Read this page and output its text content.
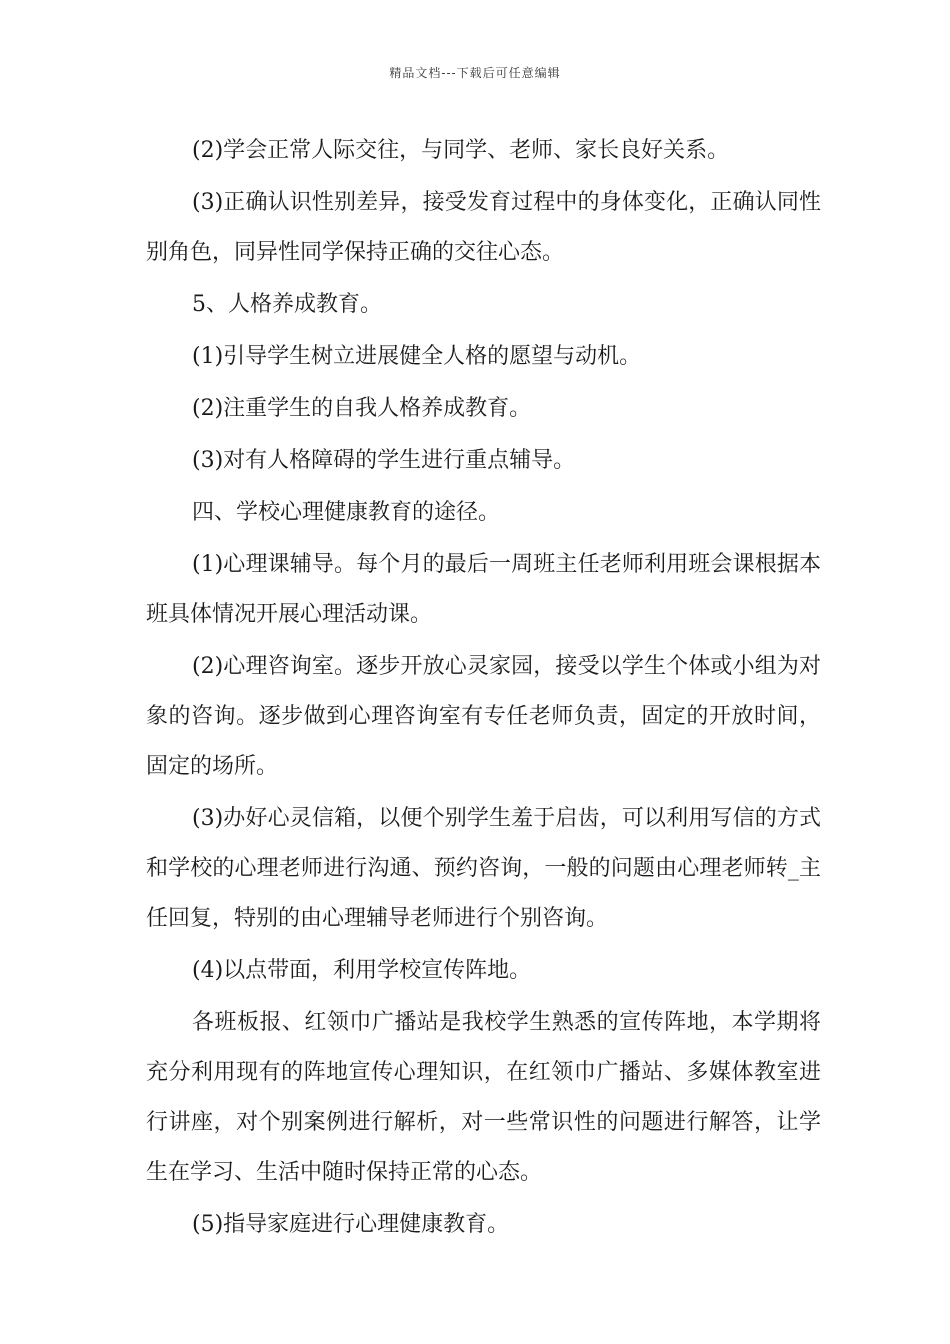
精品文档---下载后可任意编辑

(2)学会正常人际交往，与同学、老师、家长良好关系。

(3)正确认识性别差异，接受发育过程中的身体变化，正确认同性别角色，同异性同学保持正确的交往心态。

5、人格养成教育。

(1)引导学生树立进展健全人格的愿望与动机。

(2)注重学生的自我人格养成教育。

(3)对有人格障碍的学生进行重点辅导。

四、学校心理健康教育的途径。

(1)心理课辅导。每个月的最后一周班主任老师利用班会课根据本班具体情况开展心理活动课。

(2)心理咨询室。逐步开放心灵家园，接受以学生个体或小组为对象的咨询。逐步做到心理咨询室有专任老师负责，固定的开放时间，固定的场所。

(3)办好心灵信箱，以便个别学生羞于启齿，可以利用写信的方式和学校的心理老师进行沟通、预约咨询，一般的问题由心理老师转_主任回复，特别的由心理辅导老师进行个别咨询。

(4)以点带面，利用学校宣传阵地。

各班板报、红领巾广播站是我校学生熟悉的宣传阵地，本学期将充分利用现有的阵地宣传心理知识，在红领巾广播站、多媒体教室进行讲座，对个别案例进行解析，对一些常识性的问题进行解答，让学生在学习、生活中随时保持正常的心态。

(5)指导家庭进行心理健康教育。
